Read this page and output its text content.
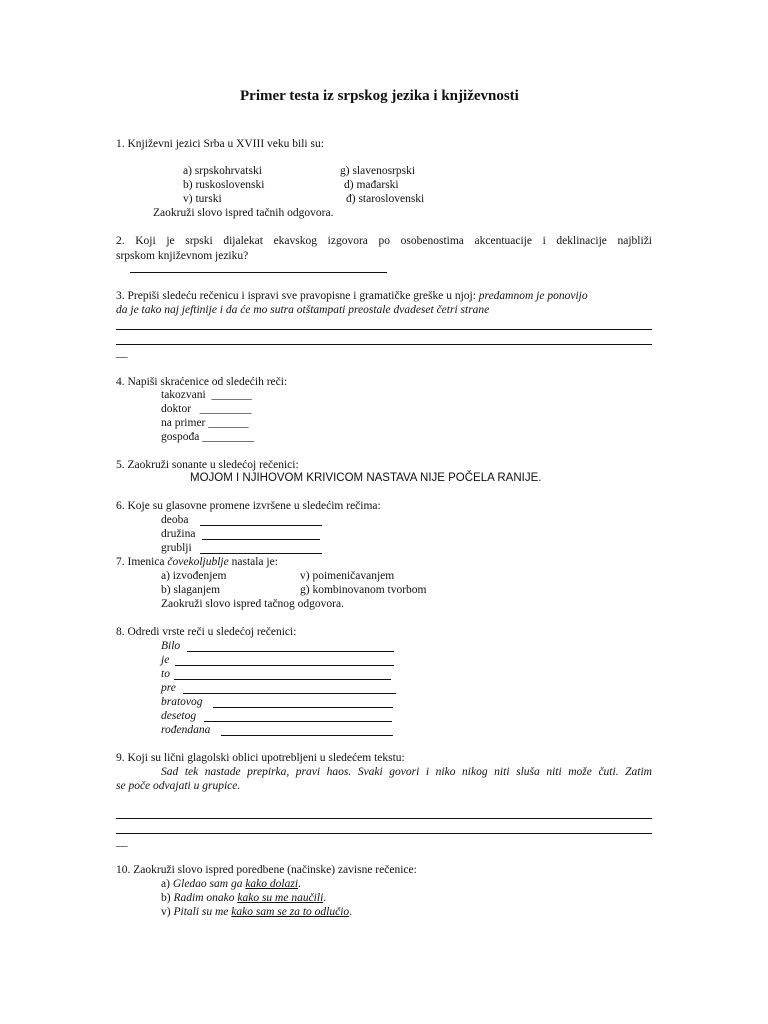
Primer testa iz srpskog jezika i književnosti
1. Književni jezici Srba u XVIII veku bili su:
a) srpskohrvatski	g) slavenosrpski
b) ruskoslovenski	d) mađarski
v) turski	đ) staroslovenski
Zaokruži slovo ispred tačnih odgovora.
2. Koji je srpski dijalekat ekavskog izgovora po osobenostima akcentuacije i deklinacije najbliži
srpskom književnom jeziku?
3. Prepiši sledeću rečenicu i ispravi sve pravopisne i gramatičke greške u njoj: predamnom je ponovijo
da je tako naj jeftinije i da će mo sutra otštampati preostale dvadeset četri strane
__
4. Napiši skraćenice od sledećih reči:
takozvani  _______
doktor   _________
na primer _______
gospođa _________
5. Zaokruži sonante u sledećoj rečenici:
MOJOM I NJIHOVOM KRIVICOM NASTAVA NIJE POČELA RANIJE.
6. Koje su glasovne promene izvršene u sledećim rečima:
deoba
družina
grublji
7. Imenica čovekoljublje nastala je:
a) izvođenjem	v) poimeničavanjem
b) slaganjem	g) kombinovanom tvorbom
Zaokruži slovo ispred tačnog odgovora.
8. Odredi vrste reči u sledećoj rečenici:
Bilo
je
to
pre
bratovog
desetog
rođendana
9. Koji su lični glagolski oblici upotrebljeni u sledećem tekstu:
Sad tek nastade prepirka, pravi haos. Svaki govori i niko nikog niti sluša niti može čuti. Zatim
se poče odvajati u grupice.
__
10. Zaokruži slovo ispred poredbene (načinske) zavisne rečenice:
a) Gledao sam ga kako dolazi.
b) Radim onako kako su me naučili.
v) Pitali su me kako sam se za to odlučio.
